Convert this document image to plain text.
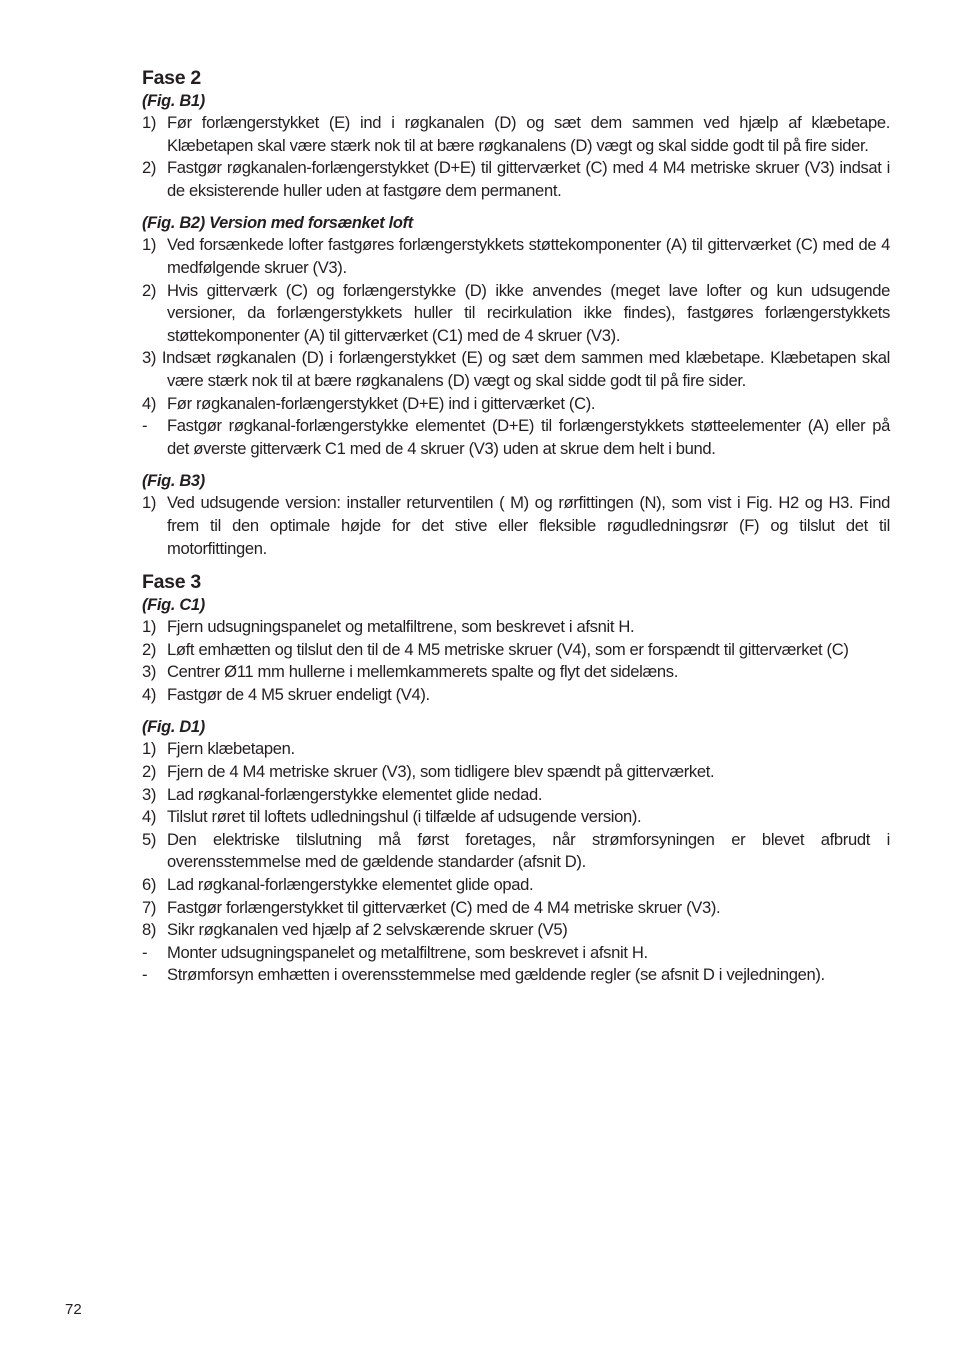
Fase 2
(Fig. B1)
1) Før forlængerstykket (E) ind i røgkanalen (D) og sæt dem sammen ved hjælp af klæbetape. Klæbetapen skal være stærk nok til at bære røgkanalens (D) vægt og skal sidde godt til på fire sider.
2) Fastgør røgkanalen-forlængerstykket (D+E) til gitterværket (C) med 4 M4 metriske skruer (V3) indsat i de eksisterende huller uden at fastgøre dem permanent.
(Fig. B2) Version med forsænket loft
1) Ved forsænkede lofter fastgøres forlængerstykkets støttekomponenter (A) til gitterværket (C) med de 4 medfølgende skruer (V3).
2) Hvis gitterværk (C) og forlængerstykke (D) ikke anvendes (meget lave lofter og kun udsugende versioner, da forlængerstykkets huller til recirkulation ikke findes), fastgøres forlængerstykkets støttekomponenter (A) til gitterværket (C1) med de 4 skruer (V3).
3) Indsæt røgkanalen (D) i forlængerstykket (E) og sæt dem sammen med klæbetape. Klæbetapen skal være stærk nok til at bære røgkanalens (D) vægt og skal sidde godt til på fire sider.
4) Før røgkanalen-forlængerstykket (D+E) ind i gitterværket (C).
- Fastgør røgkanal-forlængerstykke elementet (D+E) til forlængerstykkets støtteelementer (A) eller på det øverste gitterværk C1 med de 4 skruer (V3) uden at skrue dem helt i bund.
(Fig. B3)
1) Ved udsugende version: installer returventilen ( M) og rørfittingen (N), som vist i Fig. H2 og H3. Find frem til den optimale højde for det stive eller fleksible røgudledningsrør (F) og tilslut det til motorfittingen.
Fase 3
(Fig. C1)
1) Fjern udsugningspanelet og metalfiltrene, som beskrevet i afsnit H.
2) Løft emhætten og tilslut den til de 4 M5 metriske skruer (V4), som er forspændt til gitterværket (C)
3) Centrer Ø11 mm hullerne i mellemkammerets spalte og flyt det sidelæns.
4) Fastgør de 4 M5 skruer endeligt (V4).
(Fig. D1)
1) Fjern klæbetapen.
2) Fjern de 4 M4 metriske skruer (V3), som tidligere blev spændt på gitterværket.
3) Lad røgkanal-forlængerstykke elementet glide nedad.
4) Tilslut røret til loftets udledningshul (i tilfælde af udsugende version).
5) Den elektriske tilslutning må først foretages, når strømforsyningen er blevet afbrudt i overensstemmelse med de gældende standarder (afsnit D).
6) Lad røgkanal-forlængerstykke elementet glide opad.
7) Fastgør forlængerstykket til gitterværket (C) med de 4 M4 metriske skruer (V3).
8) Sikr røgkanalen ved hjælp af 2 selvskærende skruer (V5)
- Monter udsugningspanelet og metalfiltrene, som beskrevet i afsnit H.
- Strømforsyn emhætten i overensstemmelse med gældende regler (se afsnit D i vejledningen).
72
